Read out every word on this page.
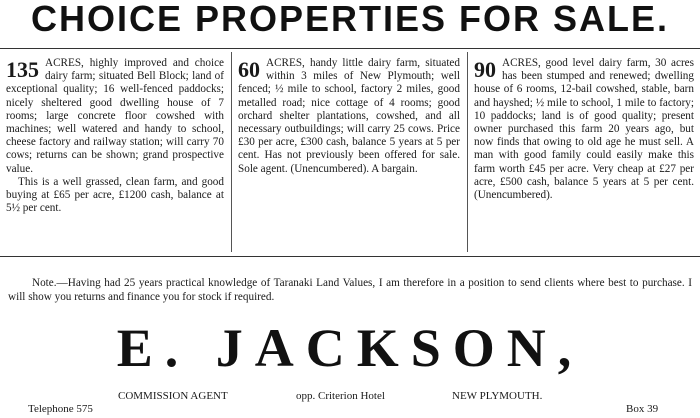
CHOICE PROPERTIES FOR SALE.
135 ACRES, highly improved and choice dairy farm; situated Bell Block; land of exceptional quality; 16 well-fenced paddocks; nicely sheltered good dwelling house of 7 rooms; large concrete floor cowshed with machines; well watered and handy to school, cheese factory and railway station; will carry 70 cows; returns can be shown; grand prospective value.

This is a well grassed, clean farm, and good buying at £65 per acre, £1200 cash, balance at 5½ per cent.

60 ACRES, handy little dairy farm, situated within 3 miles of New Plymouth; well fenced; ½ mile to school, factory 2 miles, good metalled road; nice cottage of 4 rooms; good orchard shelter plantations, cowshed, and all necessary outbuildings; will carry 25 cows. Price £30 per acre, £300 cash, balance 5 years at 5 per cent. Has not previously been offered for sale. Sole agent. (Unencumbered). A bargain.

90 ACRES, good level dairy farm, 30 acres has been stumped and renewed; dwelling house of 6 rooms, 12-bail cowshed, stable, barn and hayshed; ½ mile to school, 1 mile to factory; 10 paddocks; land is of good quality; present owner purchased this farm 20 years ago, but now finds that owing to old age he must sell. A man with good family could easily make this farm worth £45 per acre. Very cheap at £27 per acre, £500 cash, balance 5 years at 5 per cent. (Unencumbered).

Note.—Having had 25 years practical knowledge of Taranaki Land Values, I am therefore in a position to send clients where best to purchase. I will show you returns and finance you for stock if required.
E. JACKSON,
COMMISSION AGENT	opp. Criterion Hotel	NEW PLYMOUTH.
Telephone 575	Box 39
